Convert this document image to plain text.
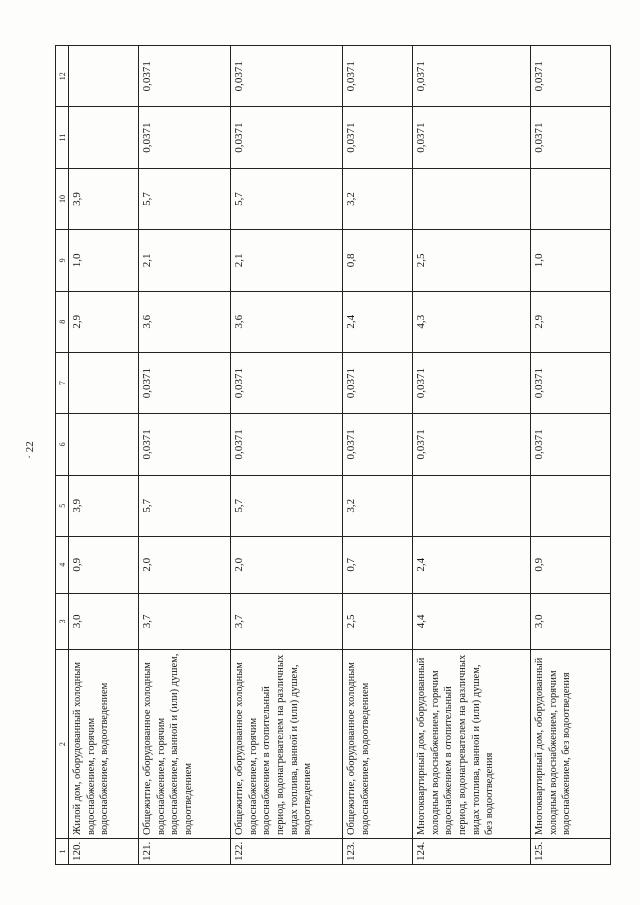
· 22
1	2	3	4	5	6	7	8	9	10	11	12
120.	Жилой дом, оборудованный холодным водоснабжением, горячим водоснабжением, водоотведением	3,0	0,9	3,9			2,9	1,0	3,9		
121.	Общежитие, оборудованное холодным водоснабжением, горячим водоснабжением, ванной и (или) душем, водоотведением	3,7	2,0	5,7	0,0371	0,0371	3,6	2,1	5,7	0,0371	0,0371
122.	Общежитие, оборудованное холодным водоснабжением, горячим водоснабжением в отопительный период, водонагревателем на различных видах топлива, ванной и (или) душем, водоотведением	3,7	2,0	5,7	0,0371	0,0371	3,6	2,1	5,7	0,0371	0,0371
123.	Общежитие, оборудованное холодным водоснабжением, водоотведением	2,5	0,7	3,2	0,0371	0,0371	2,4	0,8	3,2	0,0371	0,0371
124.	Многоквартирный дом, оборудованный холодным водоснабжением, горячим водоснабжением в отопительный период, водонагревателем на различных видах топлива, ванной и (или) душем, без водоотведения	4,4	2,4		0,0371	0,0371	4,3	2,5		0,0371	0,0371
125.	Многоквартирный дом, оборудованный холодным водоснабжением, горячим водоснабжением, без водоотведения	3,0	0,9		0,0371	0,0371	2,9	1,0		0,0371	0,0371
